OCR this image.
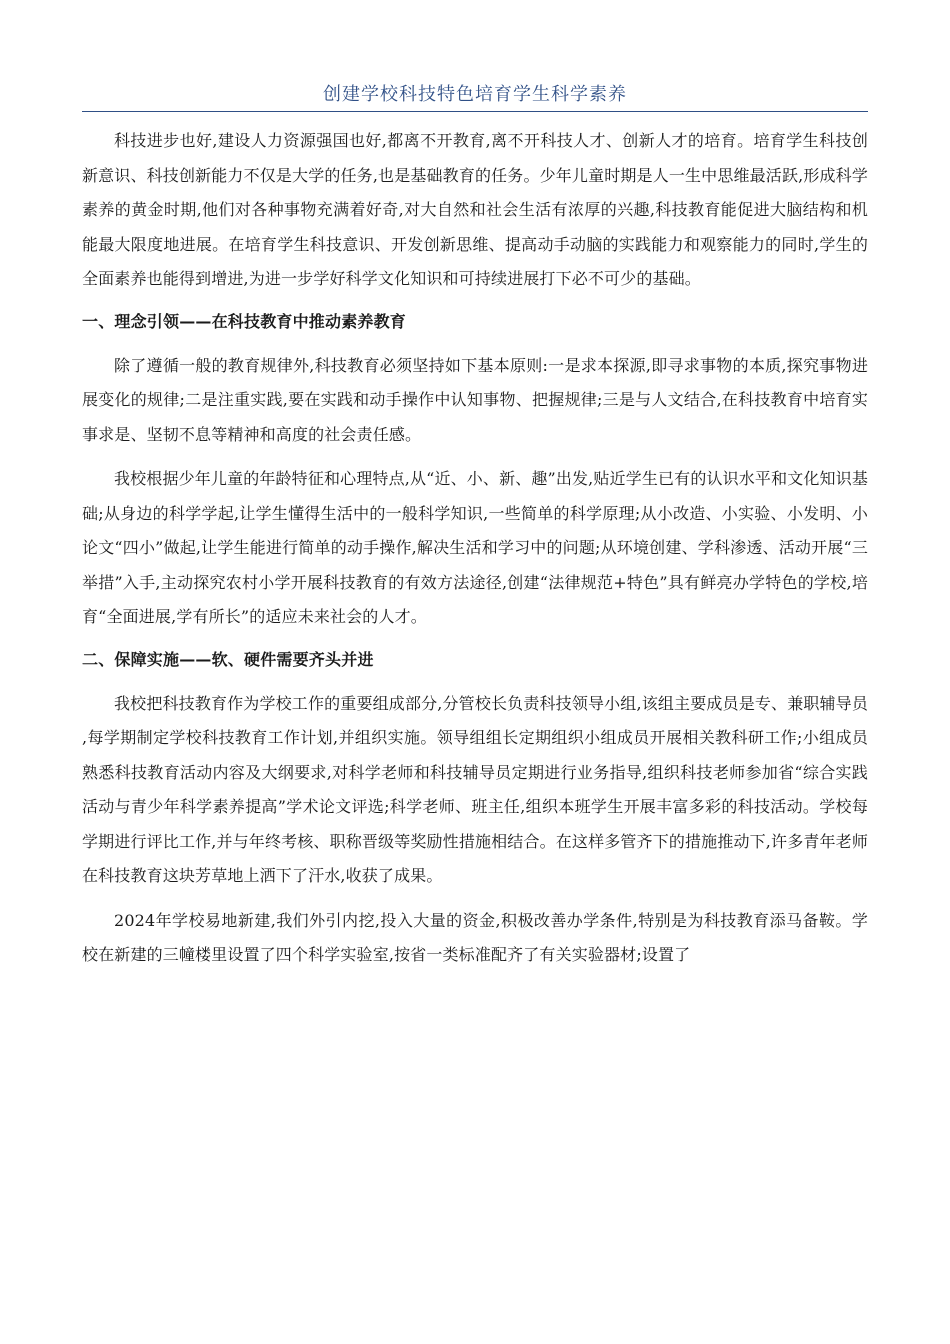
创建学校科技特色培育学生科学素养

科技进步也好,建设人力资源强国也好,都离不开教育,离不开科技人才、创新人才的培育。培育学生科技创新意识、科技创新能力不仅是大学的任务,也是基础教育的任务。少年儿童时期是人一生中思维最活跃,形成科学素养的黄金时期,他们对各种事物充满着好奇,对大自然和社会生活有浓厚的兴趣,科技教育能促进大脑结构和机能最大限度地进展。在培育学生科技意识、开发创新思维、提高动手动脑的实践能力和观察能力的同时,学生的全面素养也能得到增进,为进一步学好科学文化知识和可持续进展打下必不可少的基础。

一、理念引领——在科技教育中推动素养教育

除了遵循一般的教育规律外,科技教育必须坚持如下基本原则:一是求本探源,即寻求事物的本质,探究事物进展变化的规律;二是注重实践,要在实践和动手操作中认知事物、把握规律;三是与人文结合,在科技教育中培育实事求是、坚韧不息等精神和高度的社会责任感。

我校根据少年儿童的年龄特征和心理特点,从“近、小、新、趣”出发,贴近学生已有的认识水平和文化知识基础;从身边的科学学起,让学生懂得生活中的一般科学知识,一些简单的科学原理;从小改造、小实验、小发明、小论文“四小”做起,让学生能进行简单的动手操作,解决生活和学习中的问题;从环境创建、学科渗透、活动开展“三举措”入手,主动探究农村小学开展科技教育的有效方法途径,创建“法律规范+特色”具有鲜亮办学特色的学校,培育“全面进展,学有所长”的适应未来社会的人才。

二、保障实施——软、硬件需要齐头并进

我校把科技教育作为学校工作的重要组成部分,分管校长负责科技领导小组,该组主要成员是专、兼职辅导员,每学期制定学校科技教育工作计划,并组织实施。领导组组长定期组织小组成员开展相关教科研工作;小组成员熟悉科技教育活动内容及大纲要求,对科学老师和科技辅导员定期进行业务指导,组织科技老师参加省“综合实践活动与青少年科学素养提高”学术论文评选;科学老师、班主任,组织本班学生开展丰富多彩的科技活动。学校每学期进行评比工作,并与年终考核、职称晋级等奖励性措施相结合。在这样多管齐下的措施推动下,许多青年老师在科技教育这块芳草地上洒下了汗水,收获了成果。

2024年学校易地新建,我们外引内挖,投入大量的资金,积极改善办学条件,特别是为科技教育添马备鞍。学校在新建的三幢楼里设置了四个科学实验室,按省一类标准配齐了有关实验器材;设置了
